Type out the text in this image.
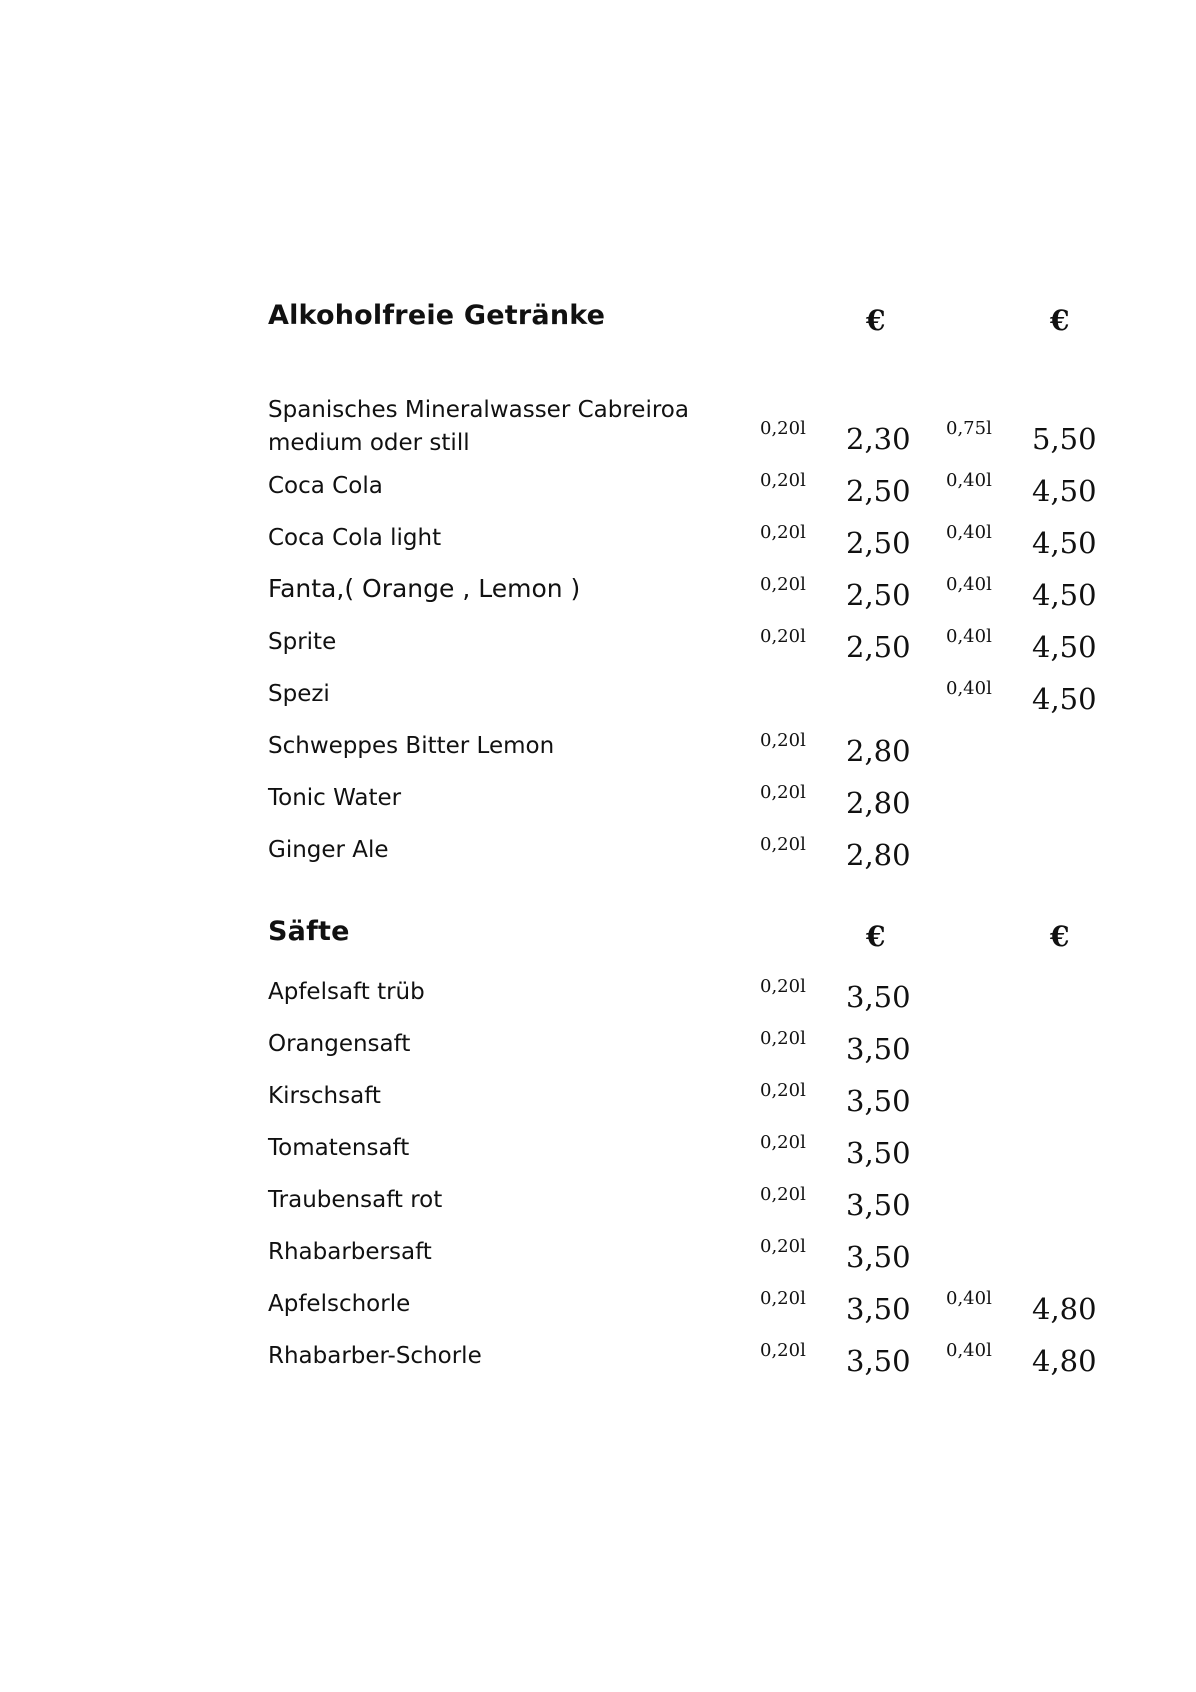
Alkoholfreie Getränke	€	€
Spanisches Mineralwasser Cabreiroa
medium oder still
0,20l 2,30 0,75l 5,50
Coca Cola	0,20l 2,50 0,40l 4,50
Coca Cola light	0,20l 2,50 0,40l 4,50
Fanta,( Orange , Lemon )	0,20l 2,50 0,40l 4,50
Sprite	0,20l 2,50 0,40l 4,50
Spezi	0,40l 4,50
Schweppes Bitter Lemon	0,20l 2,80
Tonic Water	0,20l 2,80
Ginger Ale	0,20l 2,80
Säfte	€	€
Apfelsaft trüb	0,20l 3,50
Orangensaft	0,20l 3,50
Kirschsaft	0,20l 3,50
Tomatensaft	0,20l 3,50
Traubensaft rot	0,20l 3,50
Rhabarbersaft	0,20l 3,50
Apfelschorle	0,20l 3,50 0,40l 4,80
Rhabarber-Schorle	0,20l 3,50 0,40l 4,80
